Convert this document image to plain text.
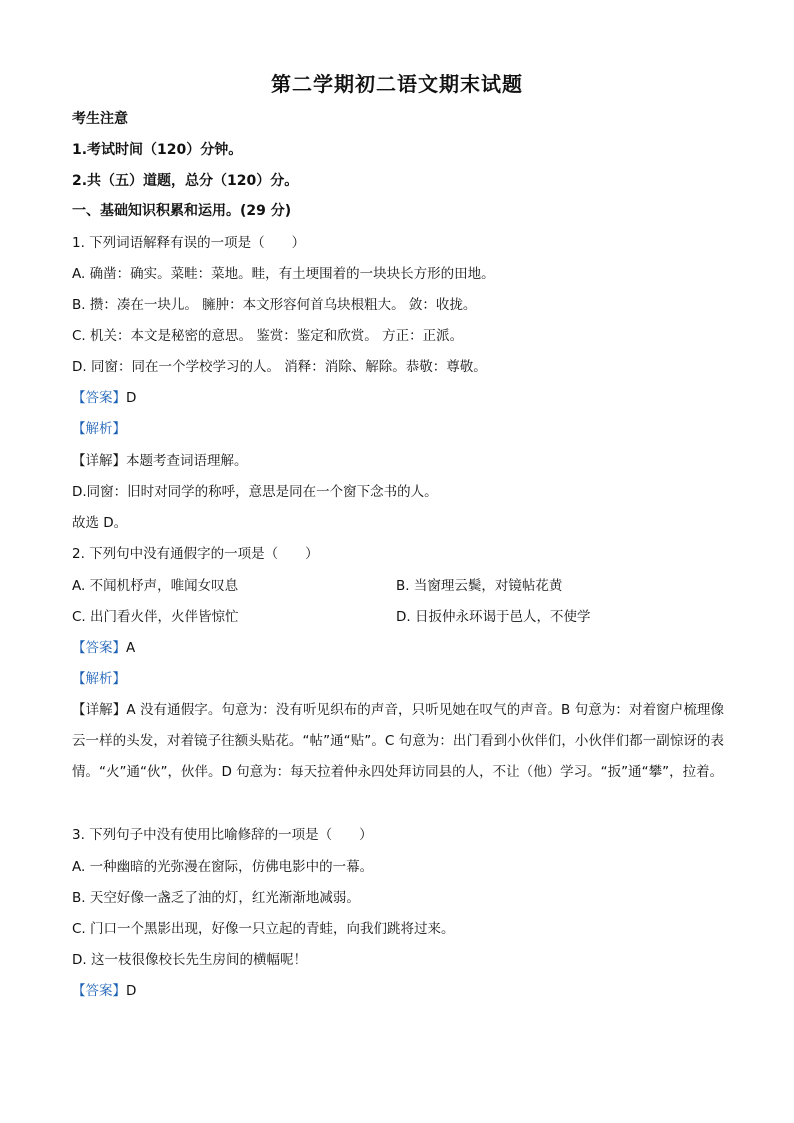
第二学期初二语文期末试题
考生注意
1.考试时间（120）分钟。
2.共（五）道题，总分（120）分。
一、基础知识积累和运用。(29 分)
1. 下列词语解释有误的一项是（　　）
A. 确凿：确实。菜畦：菜地。畦，有土埂围着的一块块长方形的田地。
B. 攒：凑在一块儿。 臃肿：本文形容何首乌块根粗大。 敛：收拢。
C. 机关：本文是秘密的意思。 鉴赏：鉴定和欣赏。 方正：正派。
D. 同窗：同在一个学校学习的人。 消释：消除、解除。恭敬：尊敬。
【答案】D
【解析】
【详解】本题考查词语理解。
D.同窗：旧时对同学的称呼，意思是同在一个窗下念书的人。
故选 D。
2. 下列句中没有通假字的一项是（　　）
A. 不闻机杼声，唯闻女叹息	B. 当窗理云鬓，对镜帖花黄
C. 出门看火伴，火伴皆惊忙	D. 日扳仲永环谒于邑人，不使学
【答案】A
【解析】
【详解】A 没有通假字。句意为：没有听见织布的声音，只听见她在叹气的声音。B 句意为：对着窗户梳理像云一样的头发，对着镜子往额头贴花。“帖”通“贴”。C 句意为：出门看到小伙伴们，小伙伴们都一副惊讶的表情。“火”通“伙”，伙伴。D 句意为：每天拉着仲永四处拜访同县的人，不让（他）学习。“扳”通“攀”，拉着。
3. 下列句子中没有使用比喻修辞的一项是（　　）
A. 一种幽暗的光弥漫在窗际，仿佛电影中的一幕。
B. 天空好像一盏乏了油的灯，红光渐渐地减弱。
C. 门口一个黑影出现，好像一只立起的青蛙，向我们跳将过来。
D. 这一枝很像校长先生房间的横幅呢！
【答案】D
